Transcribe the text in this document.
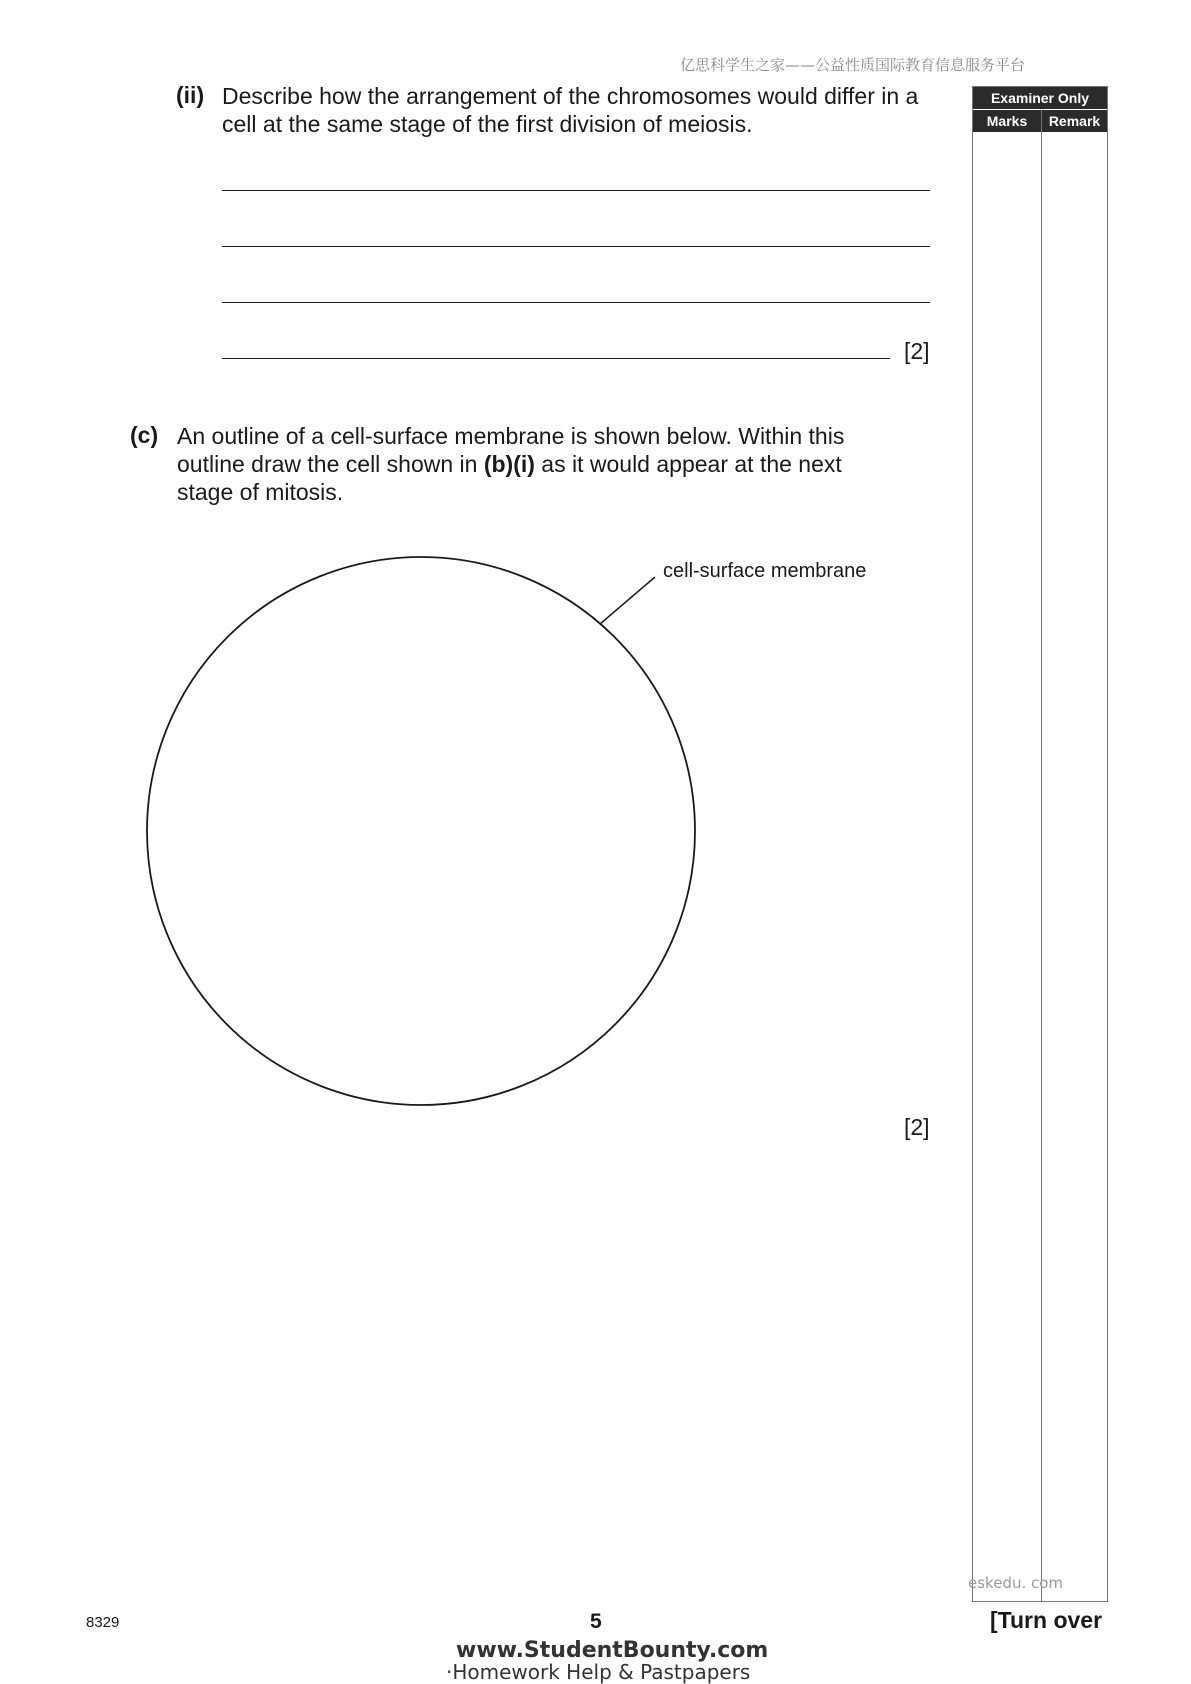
亿思科学生之家——公益性质国际教育信息服务平台
(ii) Describe how the arrangement of the chromosomes would differ in a cell at the same stage of the first division of meiosis.
[2]
(c) An outline of a cell-surface membrane is shown below. Within this outline draw the cell shown in (b)(i) as it would appear at the next stage of mitosis.
cell-surface membrane
[2]
Examiner Only
Marks	Remark
eskedu. com
8329	5	[Turn over
www.StudentBounty.com
·Homework Help & Pastpapers
